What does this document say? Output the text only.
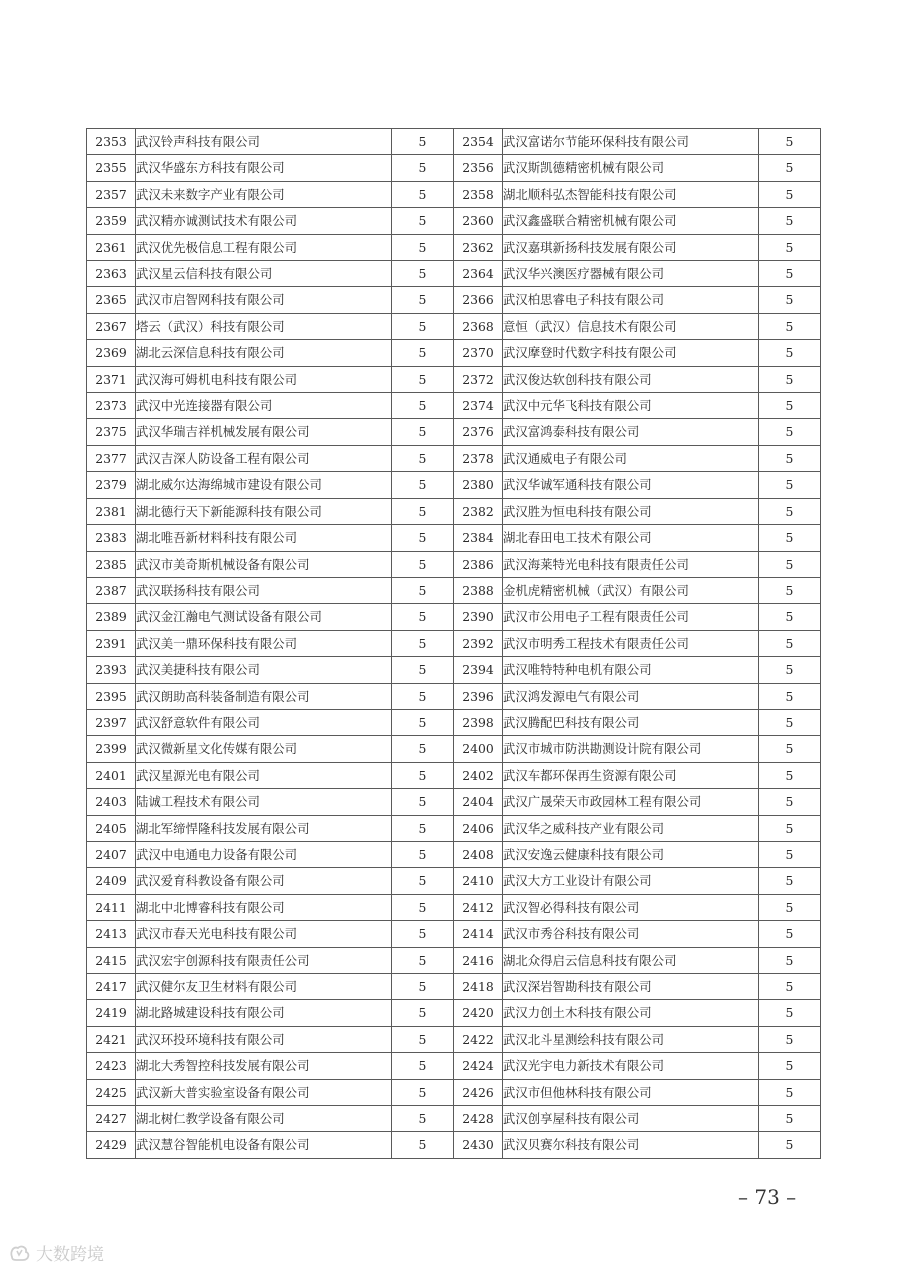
2353	武汉铃声科技有限公司	5	2354	武汉富诺尔节能环保科技有限公司	5
2355	武汉华盛东方科技有限公司	5	2356	武汉斯凯德精密机械有限公司	5
2357	武汉未来数字产业有限公司	5	2358	湖北顺科弘杰智能科技有限公司	5
2359	武汉精亦诚测试技术有限公司	5	2360	武汉鑫盛联合精密机械有限公司	5
2361	武汉优先极信息工程有限公司	5	2362	武汉嘉琪新扬科技发展有限公司	5
2363	武汉星云信科技有限公司	5	2364	武汉华兴澳医疗器械有限公司	5
2365	武汉市启智网科技有限公司	5	2366	武汉柏思睿电子科技有限公司	5
2367	塔云（武汉）科技有限公司	5	2368	意恒（武汉）信息技术有限公司	5
2369	湖北云深信息科技有限公司	5	2370	武汉摩登时代数字科技有限公司	5
2371	武汉海可姆机电科技有限公司	5	2372	武汉俊达软创科技有限公司	5
2373	武汉中光连接器有限公司	5	2374	武汉中元华飞科技有限公司	5
2375	武汉华瑞吉祥机械发展有限公司	5	2376	武汉富鸿泰科技有限公司	5
2377	武汉吉深人防设备工程有限公司	5	2378	武汉通威电子有限公司	5
2379	湖北威尔达海绵城市建设有限公司	5	2380	武汉华诚军通科技有限公司	5
2381	湖北德行天下新能源科技有限公司	5	2382	武汉胜为恒电科技有限公司	5
2383	湖北唯吾新材料科技有限公司	5	2384	湖北春田电工技术有限公司	5
2385	武汉市美奇斯机械设备有限公司	5	2386	武汉海莱特光电科技有限责任公司	5
2387	武汉联扬科技有限公司	5	2388	金机虎精密机械（武汉）有限公司	5
2389	武汉金江瀚电气测试设备有限公司	5	2390	武汉市公用电子工程有限责任公司	5
2391	武汉美一鼎环保科技有限公司	5	2392	武汉市明秀工程技术有限责任公司	5
2393	武汉美捷科技有限公司	5	2394	武汉唯特特种电机有限公司	5
2395	武汉朗助高科装备制造有限公司	5	2396	武汉鸿发源电气有限公司	5
2397	武汉舒意软件有限公司	5	2398	武汉腾配巴科技有限公司	5
2399	武汉微新星文化传媒有限公司	5	2400	武汉市城市防洪勘测设计院有限公司	5
2401	武汉星源光电有限公司	5	2402	武汉车都环保再生资源有限公司	5
2403	陆诚工程技术有限公司	5	2404	武汉广晟荣天市政园林工程有限公司	5
2405	湖北军缔悍隆科技发展有限公司	5	2406	武汉华之威科技产业有限公司	5
2407	武汉中电通电力设备有限公司	5	2408	武汉安逸云健康科技有限公司	5
2409	武汉爱育科教设备有限公司	5	2410	武汉大方工业设计有限公司	5
2411	湖北中北博睿科技有限公司	5	2412	武汉智必得科技有限公司	5
2413	武汉市春天光电科技有限公司	5	2414	武汉市秀谷科技有限公司	5
2415	武汉宏宇创源科技有限责任公司	5	2416	湖北众得启云信息科技有限公司	5
2417	武汉健尔友卫生材料有限公司	5	2418	武汉深岩智勘科技有限公司	5
2419	湖北路城建设科技有限公司	5	2420	武汉力创土木科技有限公司	5
2421	武汉环投环境科技有限公司	5	2422	武汉北斗星测绘科技有限公司	5
2423	湖北大秀智控科技发展有限公司	5	2424	武汉光宇电力新技术有限公司	5
2425	武汉新大普实验室设备有限公司	5	2426	武汉市但他林科技有限公司	5
2427	湖北树仁教学设备有限公司	5	2428	武汉创享屋科技有限公司	5
2429	武汉慧谷智能机电设备有限公司	5	2430	武汉贝赛尔科技有限公司	5
– 73 –
大数跨境
